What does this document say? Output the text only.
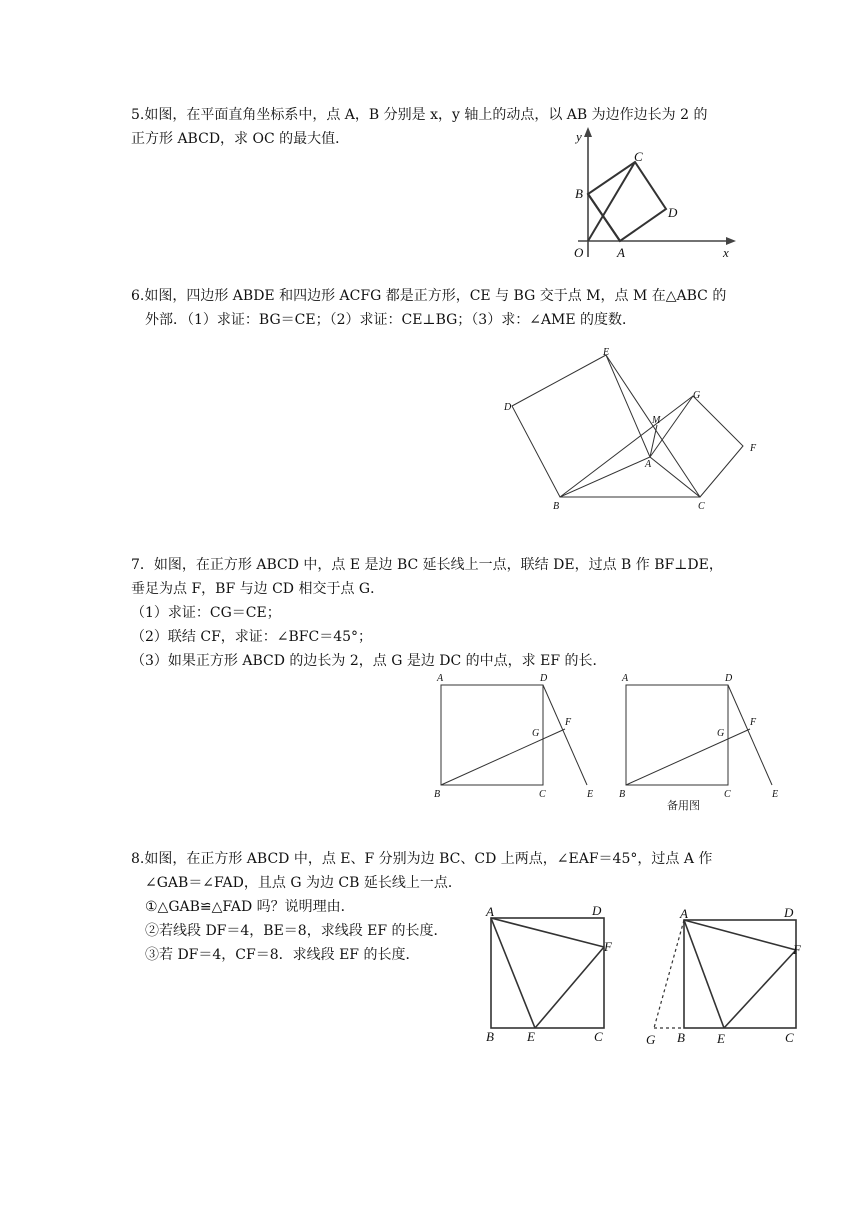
5.如图，在平面直角坐标系中，点 A，B 分别是 x，y 轴上的动点，以 AB 为边作边长为 2 的
正方形 ABCD，求 OC 的最大值．	y
x
O	A
B
C
D
6.如图，四边形 ABDE 和四边形 ACFG 都是正方形，CE 与 BG 交于点 M，点 M 在△ABC 的
外部．（1）求证：BG＝CE；（2）求证：CE⊥BG；（3）求：∠AME 的度数．
E
D
G
M
F
A
B	C
7．如图，在正方形 ABCD 中，点 E 是边 BC 延长线上一点，联结 DE，过点 B 作 BF⊥DE，
垂足为点 F，BF 与边 CD 相交于点 G．
（1）求证：CG＝CE；
（2）联结 CF，求证：∠BFC＝45°；
（3）如果正方形 ABCD 的边长为 2，点 G 是边 DC 的中点，求 EF 的长．
A	D
F
G
B	C	E
A	D
F
G
B	C	E
备用图
8.如图，在正方形 ABCD 中，点 E、F 分别为边 BC、CD 上两点，∠EAF＝45°，过点 A 作
∠GAB＝∠FAD，且点 G 为边 CB 延长线上一点．
①△GAB≌△FAD 吗？说明理由．
②若线段 DF＝4，BE＝8，求线段 EF 的长度．
③若 DF＝4，CF＝8．求线段 EF 的长度．
A	D
F
B	E	C
A	D
F
G B E	C
